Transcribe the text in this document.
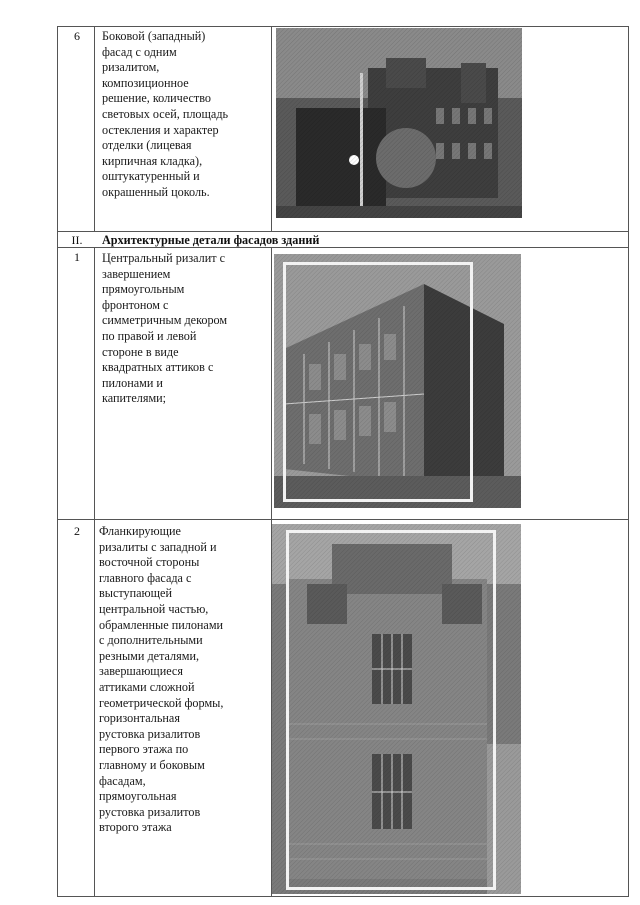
6	Боковой (западный)
фасад с одним
ризалитом,
композиционное
решение, количество
световых осей, площадь
остекления и характер
отделки (лицевая
кирпичная кладка),
оштукатуренный и
окрашенный цоколь.
II.	Архитектурные детали фасадов зданий
1	Центральный ризалит с
завершением
прямоугольным
фронтоном с
симметричным декором
по правой и левой
стороне в виде
квадратных аттиков с
пилонами и
капителями;
2	Фланкирующие
ризалиты с западной и
восточной стороны
главного фасада с
выступающей
центральной частью,
обрамленные пилонами
с дополнительными
резными деталями,
завершающиеся
аттиками сложной
геометрической формы,
горизонтальная
рустовка ризалитов
первого этажа по
главному и боковым
фасадам,
прямоугольная
рустовка ризалитов
второго этажа
